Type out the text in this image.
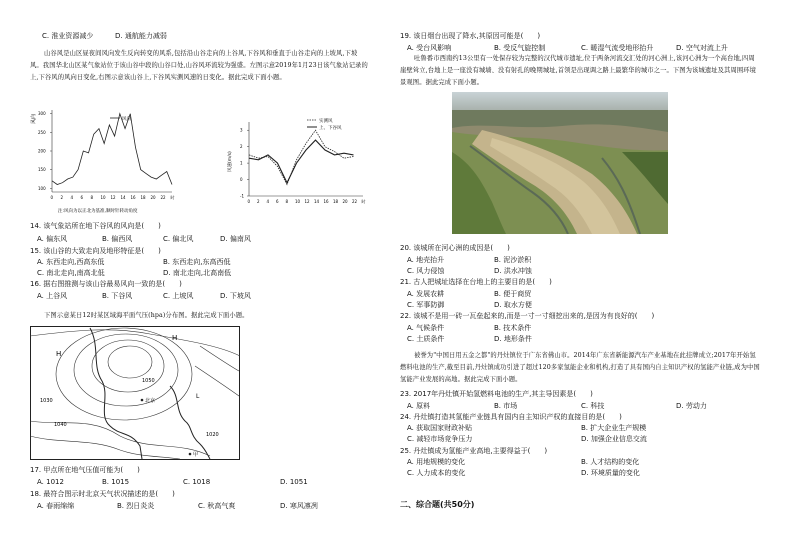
C. 淮业资源减少	D. 通航能力减弱
山谷风是山区昼夜间风向发生反向转变的风系,包括沿山谷走向的上谷风,下谷风和垂直于山谷走向的上坡风,下坡风。我国华北山区某气象站位于该山谷中段的山谷口处,山谷风环流较为强盛。左图示意2019年1月23日该气象站记录的上,下谷风的风向日变化,右图示意该山谷上,下谷风实测风速的日变化。据此完成下面小题。
风向
300
250
200
150
100
0 2 4 6 8 10 12 14 16 18 20 22 时
风向
注:风向为以正北为基准,顺时针转动角度
风速(m/s)
3
2
1
0
-1
0 2 4 6 8 10 12 14 16 18 20 22 时
实测风
上、下谷风
14. 该气象站所在地下谷风的风向是(　　)
A. 偏东风	B. 偏西风	C. 偏北风	D. 偏南风
15. 该山谷的大致走向及地形特征是(　　)
A. 东西走向,西高东低	B. 东西走向,东高西低
C. 南北走向,南高北低	D. 南北走向,北高南低
16. 据右图推测与该山谷最易风向一致的是(　　)
A. 上谷风	B. 下谷风	C. 上坡风	D. 下坡风
下图示意某日12时某区域海平面气压(hpa)分布图。据此完成下面小题。
H
H
L
1050
1040
1030
1020
甲
北京
17. 甲点所在地气压值可能为(　　)
A. 1012	B. 1015	C. 1018	D. 1051
18. 最符合图示时北京天气状况描述的是(　　)
A. 春雨绵绵	B. 烈日炎炎	C. 秋高气爽	D. 寒风凛冽
19. 该日烟台出现了降水,其原因可能是(　　)
A. 受台风影响	B. 受反气旋控制	C. 暖湿气流受地形抬升	D. 空气对流上升
吐鲁番市西南约13公里有一处保存较为完整的汉代城市遗址,位于两条河流交汇处的河心洲上,该河心洲为一个高台地,四周崖壁耸立,台地上是一座没有城墙、没有射孔的晚期城址,首领是出现调之路上最繁华的城市之一。下图为该城遗址及其周围环境景观图。据此完成下面小题。
20. 该城所在河心洲的成因是(　　)
A. 地壳抬升	B. 泥沙淤积
C. 风力侵蚀	D. 洪水冲蚀
21. 古人把城址选择在台地上的主要目的是(　　)
A. 发展农耕	B. 便于商贸
C. 军事防御	D. 取水方便
22. 该城不是用一砖一瓦垒起来的,而是一寸一寸细挖出来的,是因为有良好的(　　)
A. 气候条件	B. 技术条件
C. 土质条件	D. 地形条件
被誉为"中国日用五金之都"的丹灶镇位于广东省佛山市。2014年广东省新能源汽车产业基地在此挂牌成立;2017年开始氢燃料电池的生产,截至目前,丹灶镇成功引进了超过120多家氢能企业和机构,打造了具有国内自主知识产权的氢能产业链,成为中国氢能产业发展的高地。据此完成下面小题。
23. 2017年丹灶镇开始氢燃料电池的生产,其主导因素是(　　)
A. 原料	B. 市场	C. 科技	D. 劳动力
24. 丹灶镇打造其氢能产业链具有国内自主知识产权的直接目的是(　　)
A. 获取国家财政补贴	B. 扩大企业生产规模
C. 减轻市场竞争压力	D. 加强企业信息交流
25. 丹灶镇成为氢能产业高地,主要得益于(　　)
A. 用地规模的变化	B. 人才结构的变化
C. 人力成本的变化	D. 环境质量的变化
二、综合题(共50分)
